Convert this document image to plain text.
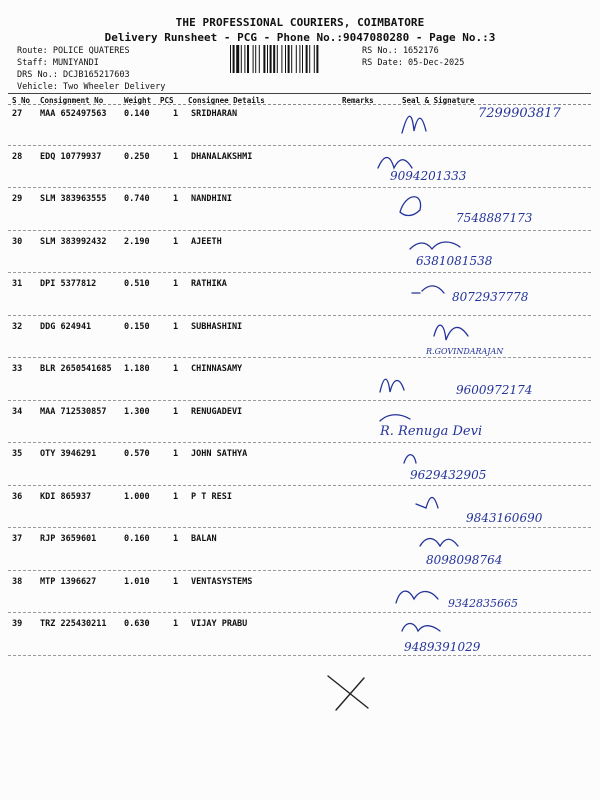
THE PROFESSIONAL COURIERS, COIMBATORE
Delivery Runsheet - PCG - Phone No.:9047080280 - Page No.:3
Route: POLICE QUATERES
Staff: MUNIYANDI
DRS No.: DCJB165217603
Vehicle: Two Wheeler Delivery
RS No.: 1652176
RS Date: 05-Dec-2025
S No Consignment No	Weight PCS Consignee Details	Remarks	Seal & Signature
27 MAA 652497563 0.140	1 SRIDHARAN	7299903817
28 EDQ 10779937	0.250	1 DHANALAKSHMI
9094201333
29 SLM 383963555 0.740	1 NANDHINI
7548887173
30 SLM 383992432 2.190	1 AJEETH
6381081538
31 DPI 5377812	0.510	1 RATHIKA
8072937778
32 DDG 624941	0.150	1 SUBHASHINI
R.GOVINDARAJAN
33 BLR 2650541685 1.180	1 CHINNASAMY
9600972174
34 MAA 712530857 1.300	1 RENUGADEVI
R. Renuga Devi
35 OTY 3946291	0.570	1 JOHN SATHYA
9629432905
36 KDI 865937	1.000	1 P T RESI
9843160690
37 RJP 3659601	0.160	1 BALAN
8098098764
38 MTP 1396627	1.010	1 VENTASYSTEMS
9342835665
39 TRZ 225430211 0.630	1 VIJAY PRABU
9489391029
